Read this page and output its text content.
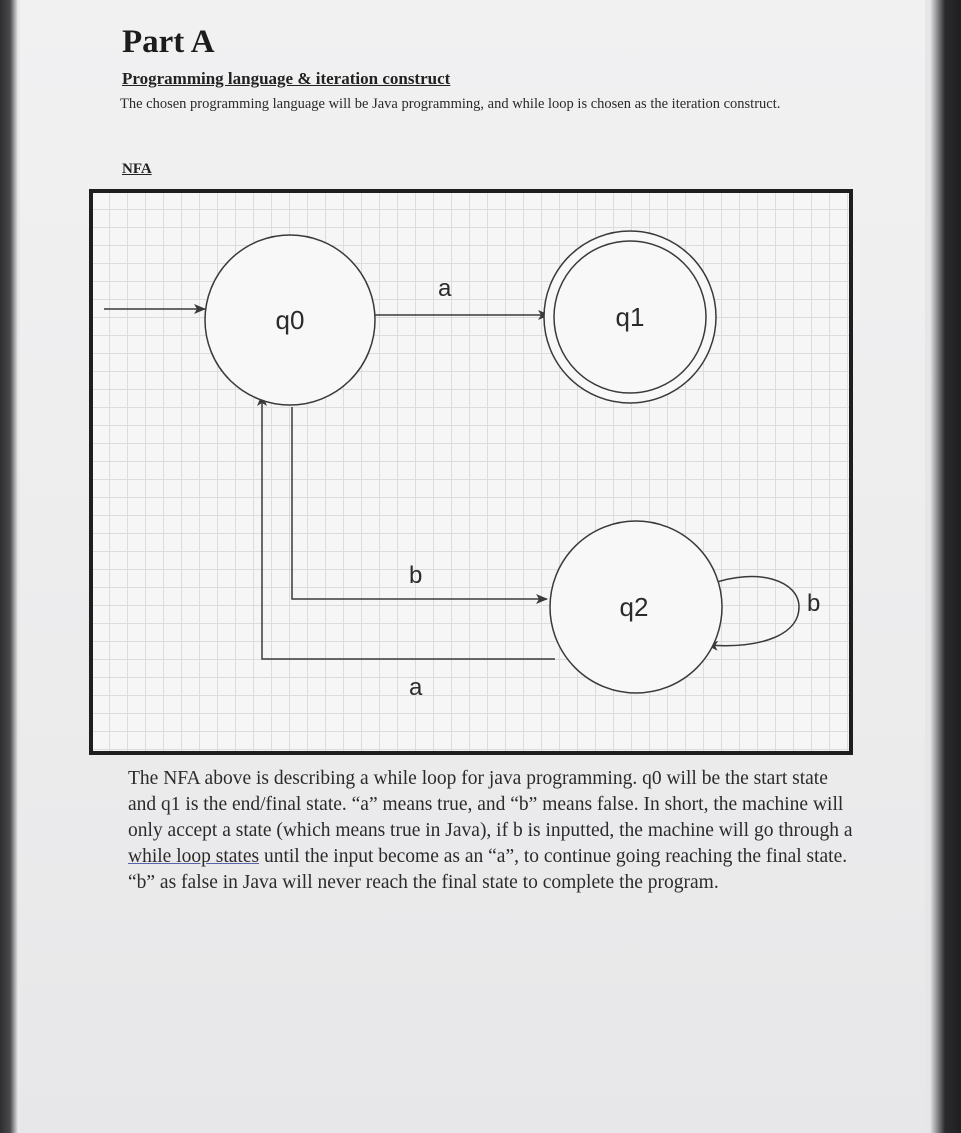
Part A
Programming language & iteration construct

The chosen programming language will be Java programming, and while loop is chosen as the iteration construct.

NFA
a
b
a
b
q0	q1
q2

The NFA above is describing a while loop for java programming. q0 will be the start state and q1 is the end/final state. “a” means true, and “b” means false. In short, the machine will only accept a state (which means true in Java), if b is inputted, the machine will go through a while loop states until the input become as an “a”, to continue going reaching the final state. “b” as false in Java will never reach the final state to complete the program.
